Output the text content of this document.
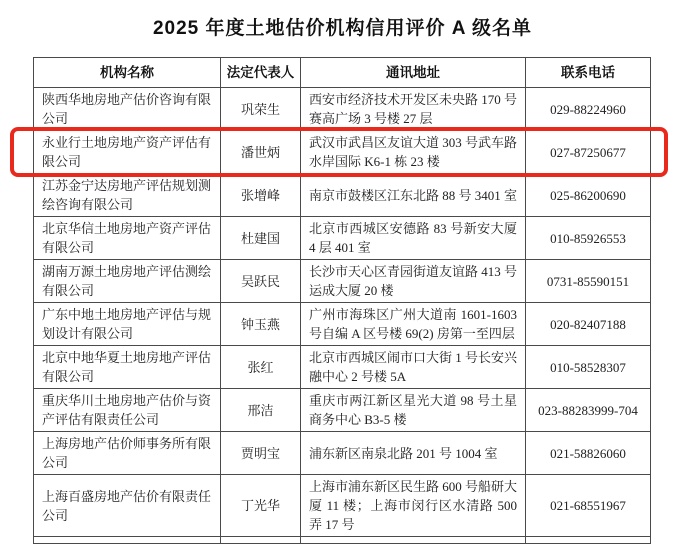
2025 年度土地估价机构信用评价 A 级名单
机构名称	法定代表人	通讯地址	联系电话
陕西华地房地产估价咨询有限公司	巩荣生	西安市经济技术开发区未央路 170 号赛高广场 3 号楼 27 层	029-88224960
永业行土地房地产资产评估有限公司	潘世炳	武汉市武昌区友谊大道 303 号武车路水岸国际 K6-1 栋 23 楼	027-87250677
江苏金宁达房地产评估规划测绘咨询有限公司	张增峰	南京市鼓楼区江东北路 88 号 3401 室	025-86200690
北京华信土地房地产资产评估有限公司	杜建国	北京市西城区安德路 83 号新安大厦 4 层 401 室	010-85926553
湖南万源土地房地产评估测绘有限公司	吴跃民	长沙市天心区青园街道友谊路 413 号运成大厦 20 楼	0731-85590151
广东中地土地房地产评估与规划设计有限公司	钟玉燕	广州市海珠区广州大道南 1601-1603 号自编 A 区号楼 69(2) 房第一至四层	020-82407188
北京中地华夏土地房地产评估有限公司	张红	北京市西城区闹市口大街 1 号长安兴融中心 2 号楼 5A	010-58528307
重庆华川土地房地产估价与资产评估有限责任公司	邢洁	重庆市两江新区星光大道 98 号土星商务中心 B3-5 楼	023-88283999-704
上海房地产估价师事务所有限公司	贾明宝	浦东新区南泉北路 201 号 1004 室	021-58826060
上海百盛房地产估价有限责任公司	丁光华	上海市浦东新区民生路 600 号船研大厦 11 楼；上海市闵行区水清路 500 弄 17 号	021-68551967
